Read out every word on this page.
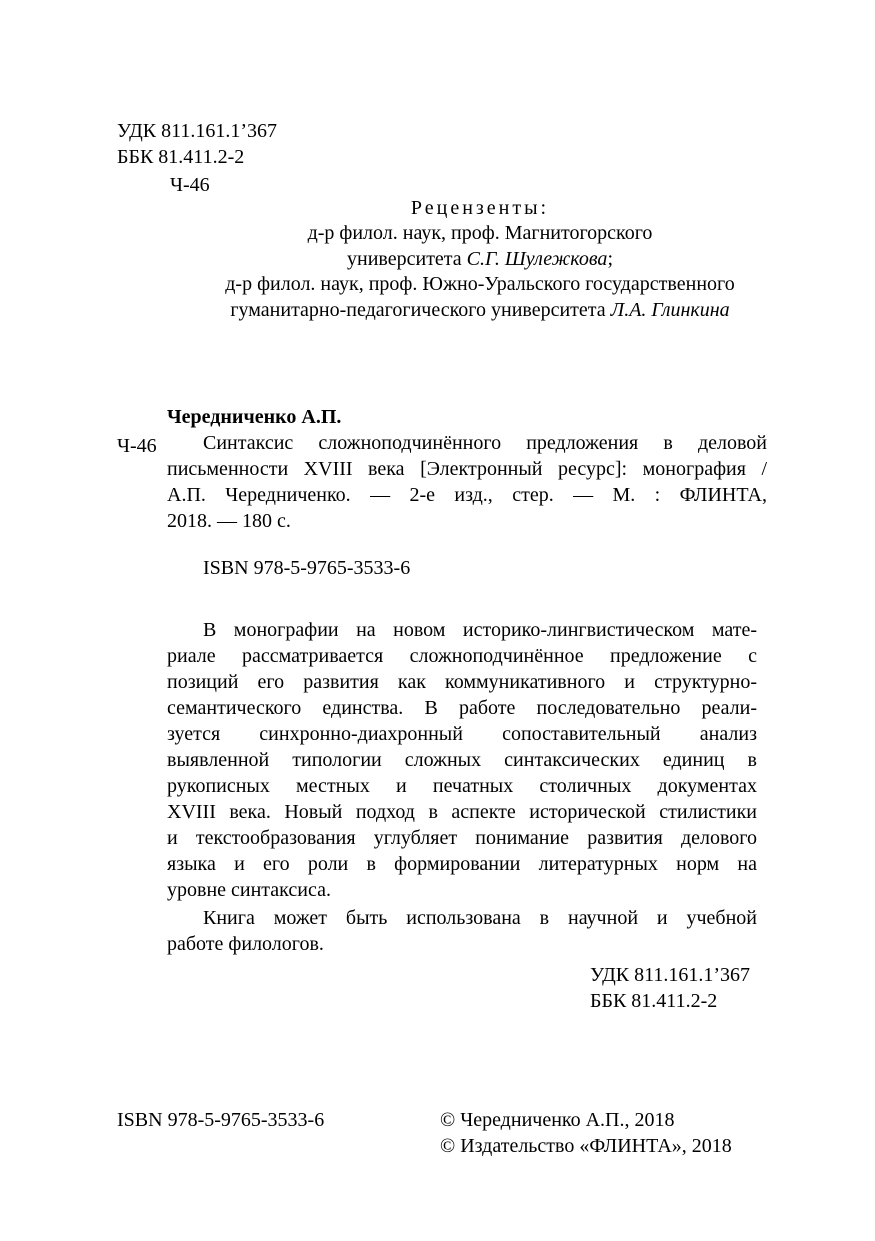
УДК 811.161.1’367
ББК 81.411.2-2
Ч-46
Рецензенты:
д-р филол. наук, проф. Магнитогорского
университета С.Г. Шулежкова;
д-р филол. наук, проф. Южно-Уральского государственного
гуманитарно-педагогического университета Л.А. Глинкина
Чередниченко А.П.
Ч-46 Синтаксис сложноподчинённого предложения в деловой
письменности XVIII века [Электронный ресурс]: монография /
А.П. Чередниченко. — 2-е изд., стер. — М. : ФЛИНТА,
2018. — 180 с.
ISBN 978-5-9765-3533-6
В монографии на новом историко-лингвистическом мате-
риале рассматривается сложноподчинённое предложение с
позиций его развития как коммуникативного и структурно-
семантического единства. В работе последовательно реали-
зуется синхронно-диахронный сопоставительный анализ
выявленной типологии сложных синтаксических единиц в
рукописных местных и печатных столичных документах
XVIII века. Новый подход в аспекте исторической стилистики
и текстообразования углубляет понимание развития делового
языка и его роли в формировании литературных норм на
уровне синтаксиса.
Книга может быть использована в научной и учебной
работе филологов.
УДК 811.161.1’367
ББК 81.411.2-2
ISBN 978-5-9765-3533-6	© Чередниченко А.П., 2018
© Издательство «ФЛИНТА», 2018
